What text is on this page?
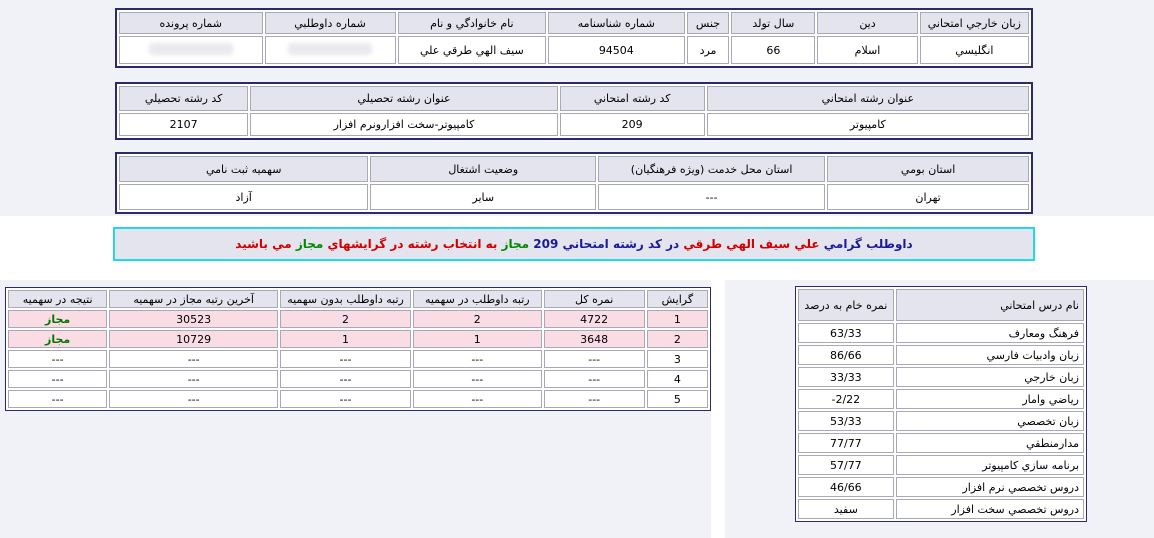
شماره پرونده	شماره داوطلبي	نام خانوادگي و نام	شماره شناسنامه	جنس	سال تولد	دين	زبان خارجي امتحاني
		سيف الهي طرقي علي	94504	مرد	66	اسلام	انگليسي
کد رشته تحصيلي	عنوان رشته تحصيلي	کد رشته امتحاني	عنوان رشته امتحاني
2107	کامپيوتر-سخت افزارونرم افزار	209	کامپيوتر
سهميه ثبت نامي	وضعيت اشتغال	استان محل خدمت (ويژه فرهنگيان)	استان بومي
آزاد	ساير	---	تهران
داوطلب گرامي علي سيف الهي طرقي در کد رشته امتحاني 209 مجاز به انتخاب رشته در گرايشهاي مجاز مي باشيد
نتيجه در سهميه	آخرين رتبه مجاز در سهميه	رتبه داوطلب بدون سهميه	رتبه داوطلب در سهميه	نمره کل	گرايش
مجاز	30523	2	2	4722	1
مجاز	10729	1	1	3648	2
---	---	---	---	---	3
---	---	---	---	---	4
---	---	---	---	---	5
نمره خام به درصد	نام درس امتحاني
63/33	فرهنگ ومعارف
86/66	زبان وادبيات فارسي
33/33	زبان خارجي
-2/22	رياضي وامار
53/33	زبان تخصصي
77/77	مدارمنطقي
57/77	برنامه سازي کامپيوتر
46/66	دروس تخصصي نرم افزار
سفيد	دروس تخصصي سخت افزار
